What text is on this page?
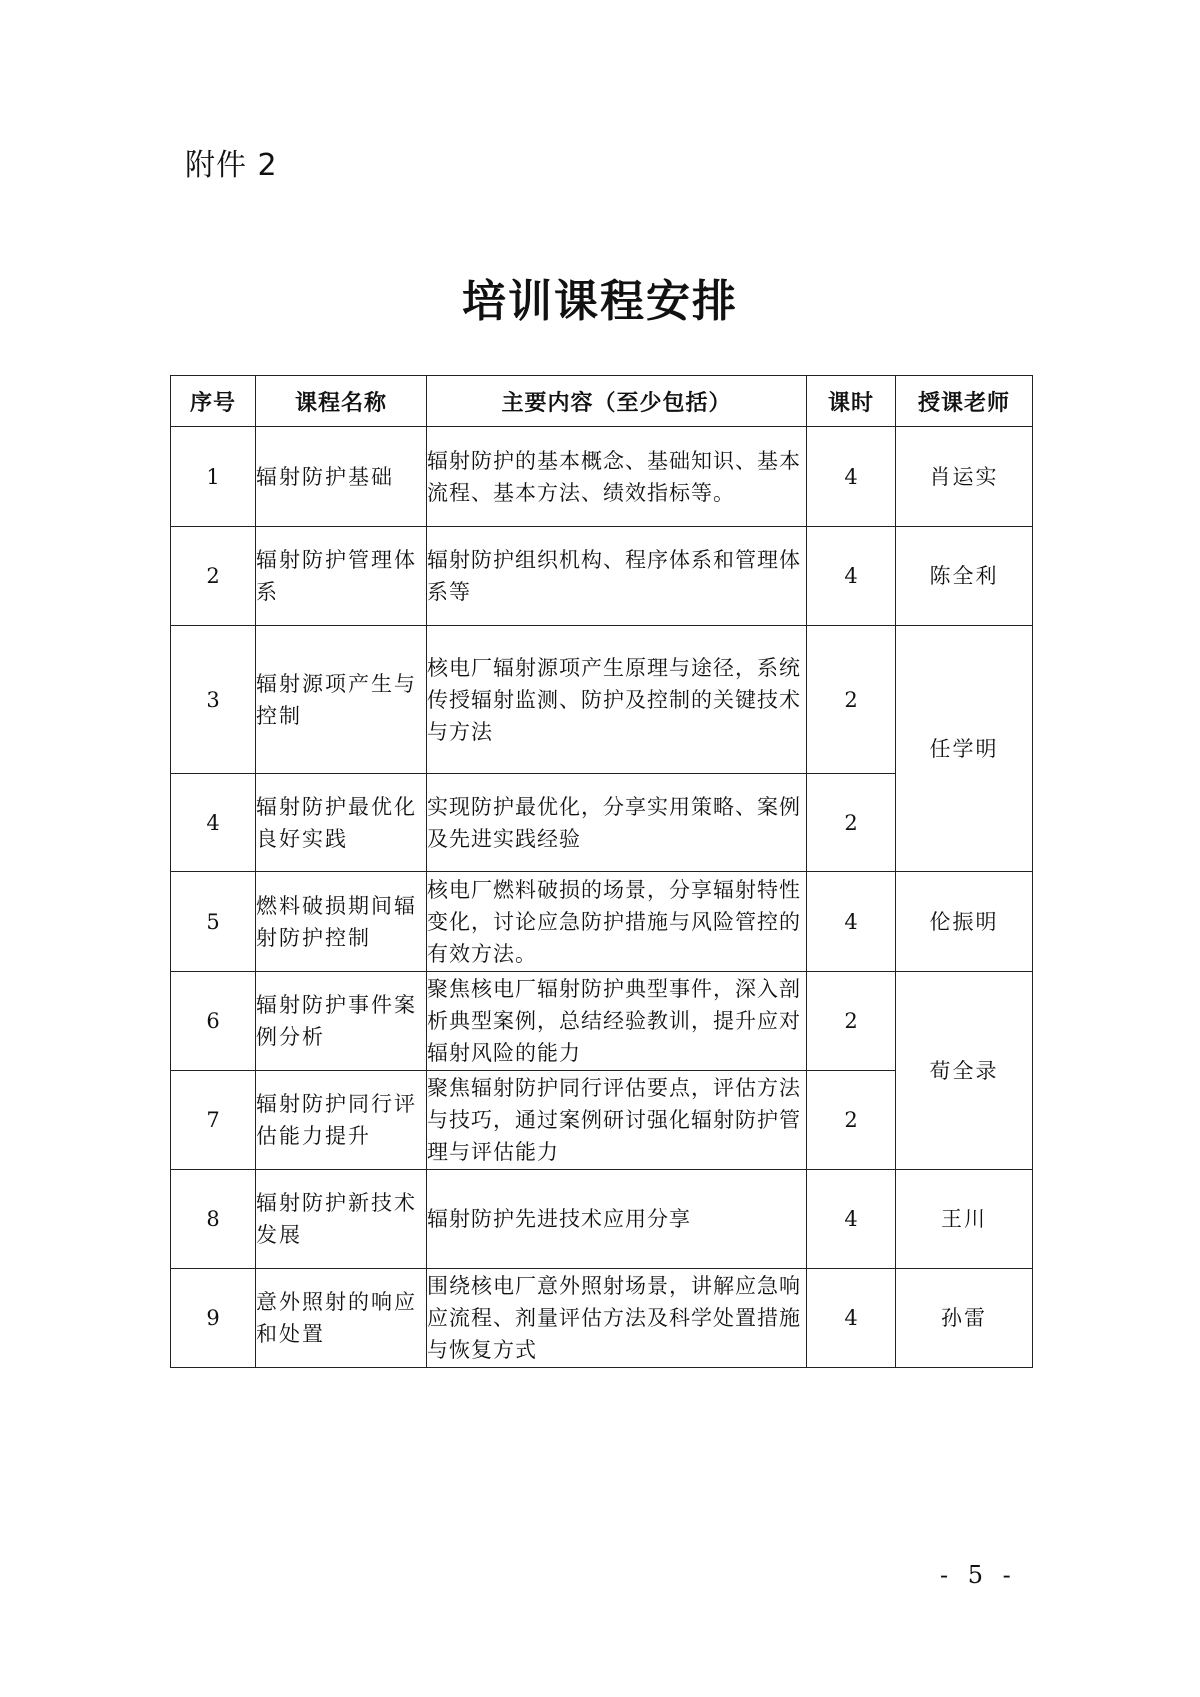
附件 2
培训课程安排
序号	课程名称	主要内容（至少包括）	课时	授课老师
1	辐射防护基础	辐射防护的基本概念、基础知识、基本流程、基本方法、绩效指标等。	4	肖运实
2	辐射防护管理体系	辐射防护组织机构、程序体系和管理体系等	4	陈全利
3	辐射源项产生与控制	核电厂辐射源项产生原理与途径，系统传授辐射监测、防护及控制的关键技术与方法	2	任学明
4	辐射防护最优化良好实践	实现防护最优化，分享实用策略、案例及先进实践经验	2	
5	燃料破损期间辐射防护控制	核电厂燃料破损的场景，分享辐射特性变化，讨论应急防护措施与风险管控的有效方法。	4	伦振明
6	辐射防护事件案例分析	聚焦核电厂辐射防护典型事件，深入剖析典型案例，总结经验教训，提升应对辐射风险的能力	2	荀全录
7	辐射防护同行评估能力提升	聚焦辐射防护同行评估要点，评估方法与技巧，通过案例研讨强化辐射防护管理与评估能力	2	
8	辐射防护新技术发展	辐射防护先进技术应用分享	4	王川
9	意外照射的响应和处置	围绕核电厂意外照射场景，讲解应急响应流程、剂量评估方法及科学处置措施与恢复方式	4	孙雷
- 5 -
